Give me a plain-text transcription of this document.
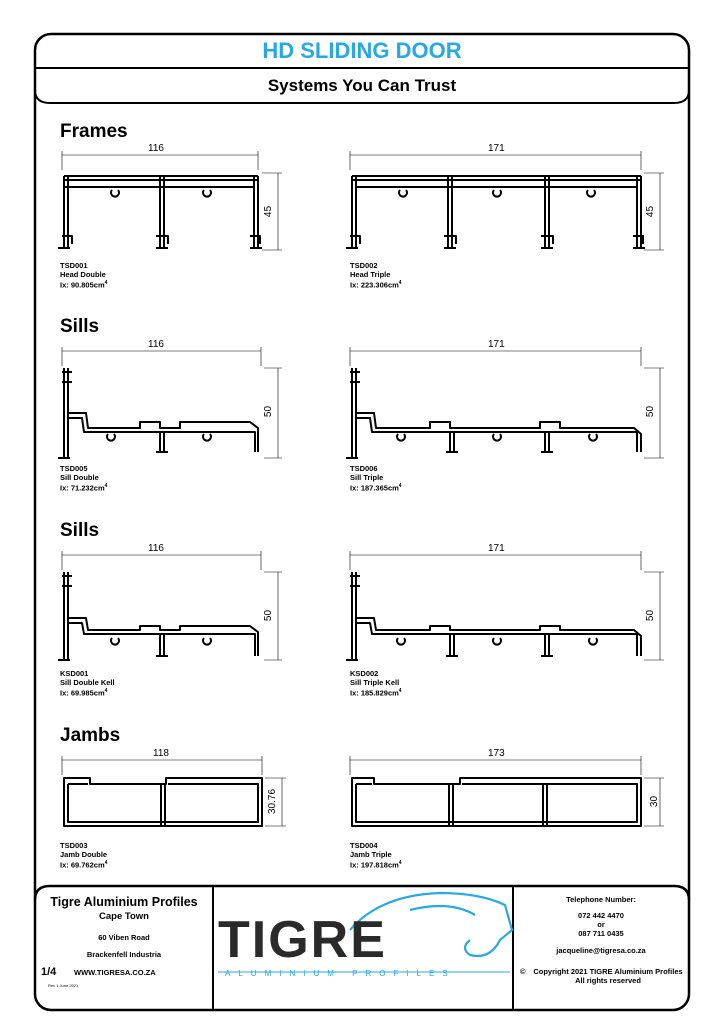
HD SLIDING DOOR
Systems You Can Trust
Frames
Sills
Sills
Jambs
116	171
116	171
116	171
118	173
45	45
50	50
50	50
30.76	30
TSD001
Head Double
Ix: $90.805cm^4$
TSD002
Head Triple
Ix: $223.306cm^4$
TSD005
Sill Double
Ix: $71.232cm^4$
TSD006
Sill Triple
Ix: $187.365cm^4$
KSD001
Sill Double Kell
Ix: $69.985cm^4$
KSD002
Sill Triple Kell
Ix: $185.829cm^4$
TSD003
Jamb Double
Ix: $69.762cm^4$
TSD004
Jamb Triple
Ix: $197.818cm^4$
Tigre Aluminium Profiles
Cape Town
60 Viben Road
Brackenfell Industria
1/4 WWW.TIGRESA.CO.ZA
Rev 1 June 2021
TIGRE
ALUMINIUM PROFILES
Telephone Number:
072 442 4470
or
087 711 0435
jacqueline@tigresa.co.za
©	Copyright 2021 TIGRE Aluminium Profiles
All rights reserved
